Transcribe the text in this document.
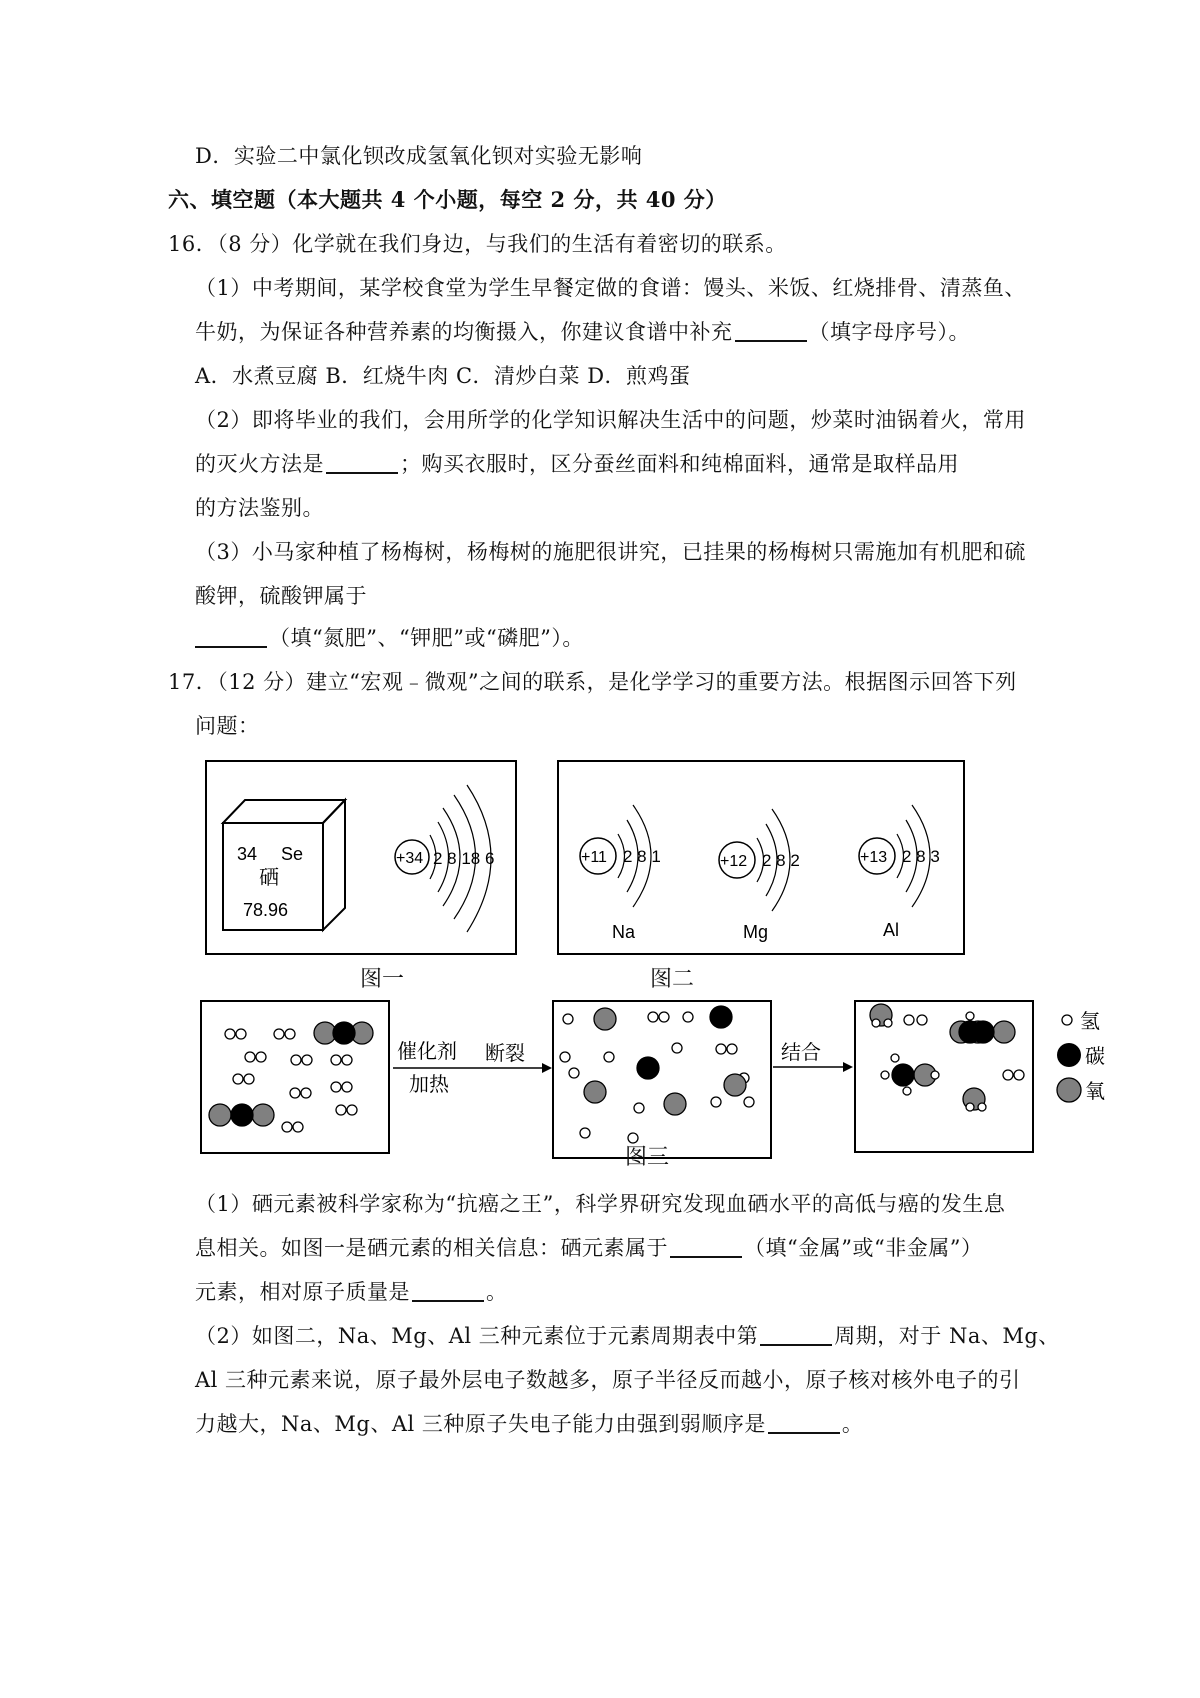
D．实验二中氯化钡改成氢氧化钡对实验无影响
六、填空题（本大题共 4 个小题，每空 2 分，共 40 分）
16．（8 分）化学就在我们身边，与我们的生活有着密切的联系。
（1）中考期间，某学校食堂为学生早餐定做的食谱：馒头、米饭、红烧排骨、清蒸鱼、
牛奶，为保证各种营养素的均衡摄入，你建议食谱中补充	（填字母序号）。
A．水煮豆腐 B．红烧牛肉 C．清炒白菜 D．煎鸡蛋
（2）即将毕业的我们，会用所学的化学知识解决生活中的问题，炒菜时油锅着火，常用
的灭火方法是	；购买衣服时，区分蚕丝面料和纯棉面料，通常是取样品用
的方法鉴别。
（3）小马家种植了杨梅树，杨梅树的施肥很讲究，已挂果的杨梅树只需施加有机肥和硫
酸钾，硫酸钾属于
（填“氮肥”、“钾肥”或“磷肥”）。
17．（12 分）建立“宏观﹣微观”之间的联系，是化学学习的重要方法。根据图示回答下列
问题：
34 Se
硒
78.96
+34 2 8 18 6
图一
+11 2 8 1
Na
+12 2 8 2
Mg
+13 2 8 3
Al
图二
催化剂
加热
断裂	结合
氢
碳
氧
图三
（1）硒元素被科学家称为“抗癌之王”，科学界研究发现血硒水平的高低与癌的发生息
息相关。如图一是硒元素的相关信息：硒元素属于	（填“金属”或“非金属”）
元素，相对原子质量是	。
（2）如图二，Na、Mg、Al 三种元素位于元素周期表中第	周期，对于 Na、Mg、
Al 三种元素来说，原子最外层电子数越多，原子半径反而越小，原子核对核外电子的引
力越大，Na、Mg、Al 三种原子失电子能力由强到弱顺序是	。
